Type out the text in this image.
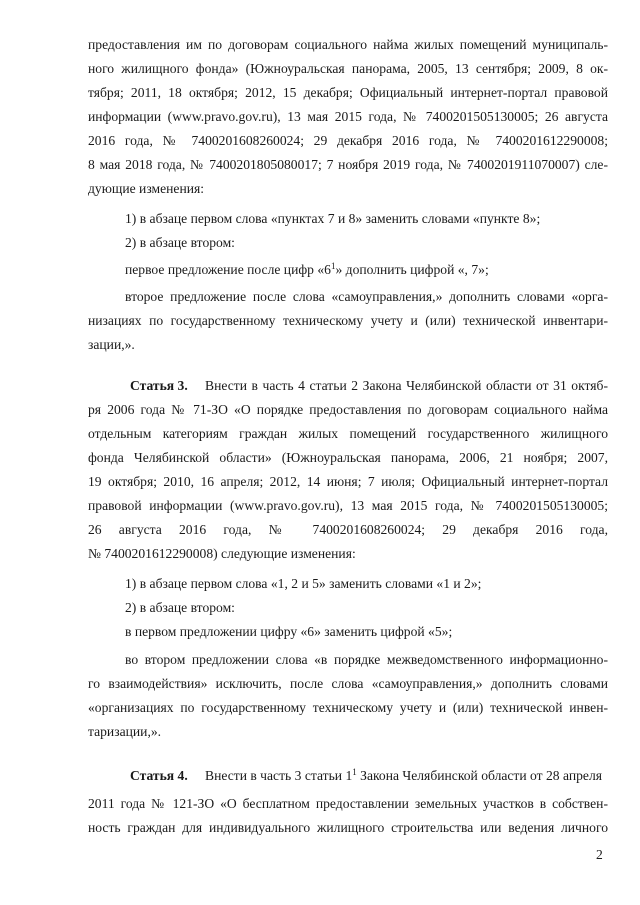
предоставления им по договорам социального найма жилых помещений муниципаль-
ного жилищного фонда» (Южноуральская панорама, 2005, 13 сентября; 2009, 8 ок-
тября; 2011, 18 октября; 2012, 15 декабря; Официальный интернет-портал правовой
информации (www.pravo.gov.ru), 13 мая 2015 года, № 7400201505130005; 26 августа
2016 года, № 7400201608260024; 29 декабря 2016 года, № 7400201612290008;
8 мая 2018 года, № 7400201805080017; 7 ноября 2019 года, № 7400201911070007) сле-
дующие изменения:
1) в абзаце первом слова «пунктах 7 и 8» заменить словами «пункте 8»;
2) в абзаце втором:
первое предложение после цифр «$6^1$» дополнить цифрой «, 7»;
второе предложение после слова «самоуправления,» дополнить словами «орга-
низациях по государственному техническому учету и (или) технической инвентари-
зации,».
Статья 3.	Внести в часть 4 статьи 2 Закона Челябинской области от 31 октяб-
ря 2006 года № 71-ЗО «О порядке предоставления по договорам социального найма
отдельным категориям граждан жилых помещений государственного жилищного
фонда Челябинской области» (Южноуральская панорама, 2006, 21 ноября; 2007,
19 октября; 2010, 16 апреля; 2012, 14 июня; 7 июля; Официальный интернет-портал
правовой информации (www.pravo.gov.ru), 13 мая 2015 года, № 7400201505130005;
26 августа 2016 года, № 7400201608260024; 29 декабря 2016 года,
№ 7400201612290008) следующие изменения:
1) в абзаце первом слова «1, 2 и 5» заменить словами «1 и 2»;
2) в абзаце втором:
в первом предложении цифру «6» заменить цифрой «5»;
во втором предложении слова «в порядке межведомственного информационно-
го взаимодействия» исключить, после слова «самоуправления,» дополнить словами
«организациях по государственному техническому учету и (или) технической инвен-
таризации,».
Статья 4.	Внести в часть 3 статьи $1^1$ Закона Челябинской области от 28 апреля
2011 года № 121-ЗО «О бесплатном предоставлении земельных участков в собствен-
ность граждан для индивидуального жилищного строительства или ведения личного
2
